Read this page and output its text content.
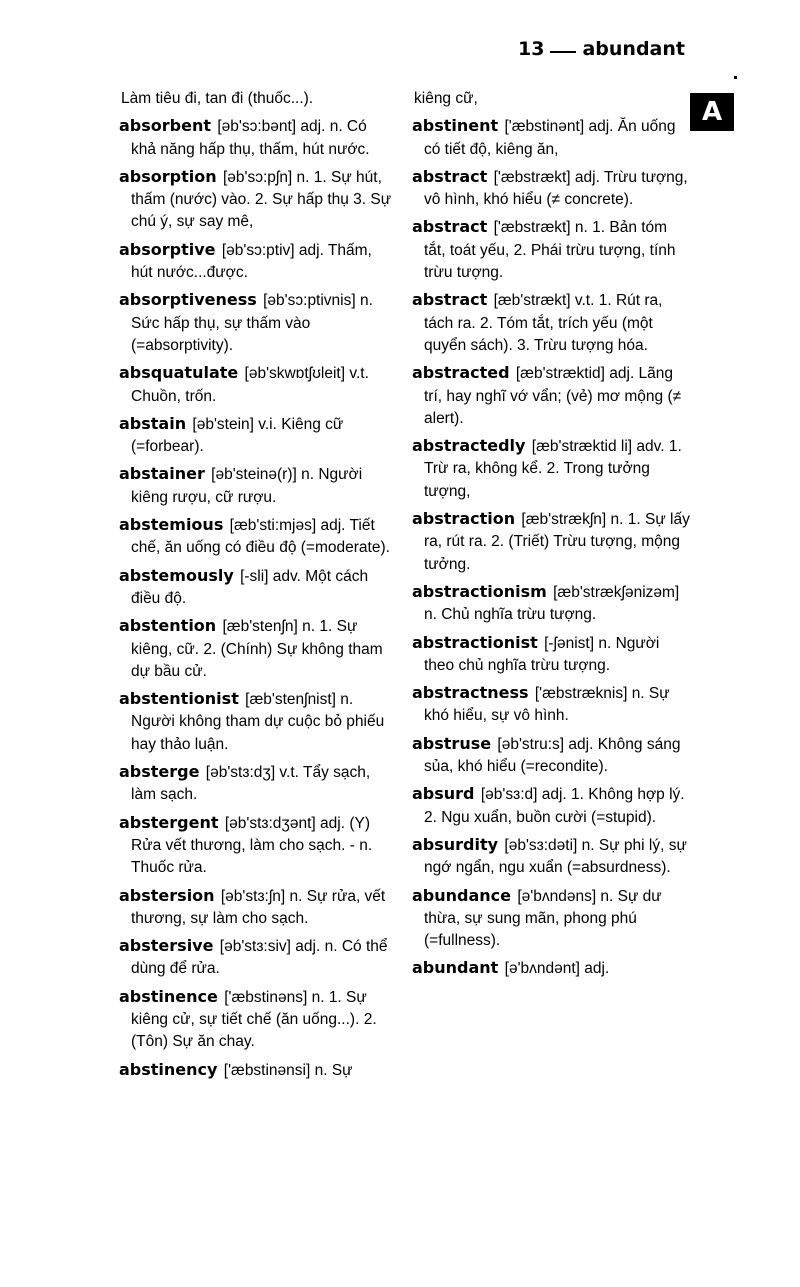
13 abundant
A

Làm tiêu đi, tan đi (thuốc...).

absorbent [əb'sɔ:bənt] adj. n. Có khả năng hấp thụ, thấm, hút nước.

absorption [əb'sɔ:pʃn] n. 1. Sự hút, thấm (nước) vào. 2. Sự hấp thụ 3. Sự chú ý, sự say mê,

absorptive [əb'sɔ:ptiv] adj. Thấm, hút nước...được.

absorptiveness [əb'sɔ:ptivnis] n. Sức hấp thụ, sự thấm vào (=absorptivity).

absquatulate [əb'skwɒtʃʊleit] v.t. Chuồn, trốn.

abstain [əb'stein] v.i. Kiêng cữ (=forbear).

abstainer [əb'steinə(r)] n. Người kiêng rượu, cữ rượu.

abstemious [æb'sti:mjəs] adj. Tiết chế, ăn uống có điều độ (=moderate).

abstemously [-sli] adv. Một cách điều độ.

abstention [æb'stenʃn] n. 1. Sự kiêng, cữ. 2. (Chính) Sự không tham dự bầu cử.

abstentionist [æb'stenʃnist] n. Người không tham dự cuộc bỏ phiếu hay thảo luận.

absterge [əb'stɜ:dʒ] v.t. Tẩy sạch, làm sạch.

abstergent [əb'stɜ:dʒənt] adj. (Y) Rửa vết thương, làm cho sạch. - n. Thuốc rửa.

abstersion [əb'stɜ:ʃn] n. Sự rửa, vết thương, sự làm cho sạch.

abstersive [əb'stɜ:siv] adj. n. Có thể dùng để rửa.

abstinence ['æbstinəns] n. 1. Sự kiêng cử, sự tiết chế (ăn uống...). 2. (Tôn) Sự ăn chay.

abstinency ['æbstinənsi] n. Sự

kiêng cữ,

abstinent ['æbstinənt] adj. Ăn uống có tiết độ, kiêng ăn,

abstract ['æbstrækt] adj. Trừu tượng, vô hình, khó hiểu (≠ concrete).

abstract ['æbstrækt] n. 1. Bản tóm tắt, toát yếu, 2. Phái trừu tượng, tính trừu tượng.

abstract [æb'strækt] v.t. 1. Rút ra, tách ra. 2. Tóm tắt, trích yếu (một quyển sách). 3. Trừu tượng hóa.

abstracted [æb'stræktid] adj. Lãng trí, hay nghĩ vớ vẩn; (vẻ) mơ mộng (≠ alert).

abstractedly [æb'stræktid li] adv. 1. Trừ ra, không kể. 2. Trong tưởng tượng,

abstraction [æb'strækʃn] n. 1. Sự lấy ra, rút ra. 2. (Triết) Trừu tượng, mộng tưởng.

abstractionism [æb'strækʃənizəm] n. Chủ nghĩa trừu tượng.

abstractionist [-ʃənist] n. Người theo chủ nghĩa trừu tượng.

abstractness ['æbstræknis] n. Sự khó hiểu, sự vô hình.

abstruse [əb'stru:s] adj. Không sáng sủa, khó hiểu (=recondite).

absurd [əb'sɜ:d] adj. 1. Không hợp lý. 2. Ngu xuẩn, buồn cười (=stupid).

absurdity [əb'sɜ:dəti] n. Sự phi lý, sự ngớ ngẩn, ngu xuẩn (=absurdness).

abundance [ə'bʌndəns] n. Sự dư thừa, sự sung mãn, phong phú (=fullness).

abundant [ə'bʌndənt] adj.
